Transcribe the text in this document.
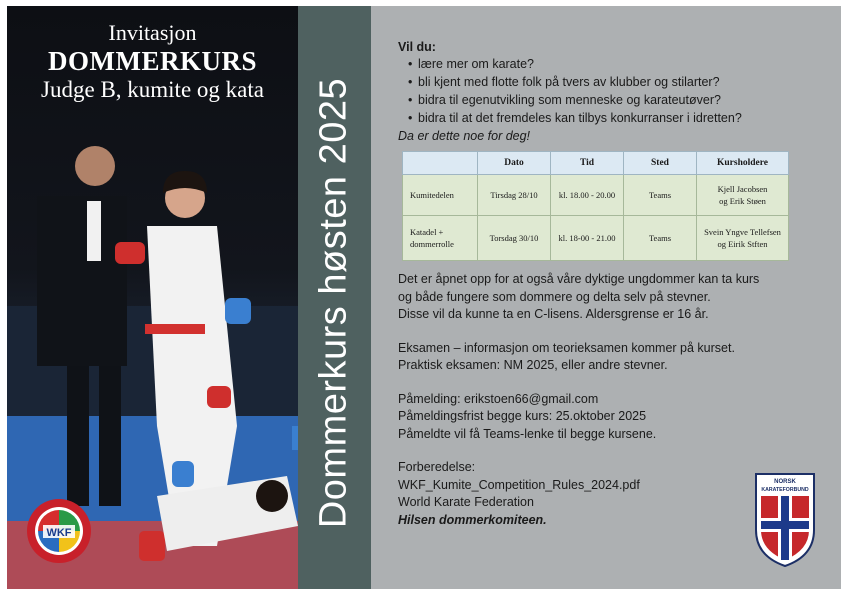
Invitasjon
DOMMERKURS
Judge B, kumite og kata
WKF
Dommerkurs høsten 2025
Vil du:
• lære mer om karate?
• bli kjent med flotte folk på tvers av klubber og stilarter?
• bidra til egenutvikling som menneske og karateutøver?
• bidra til at det fremdeles kan tilbys konkurranser i idretten?
Da er dette noe for deg!
	Dato	Tid	Sted	Kursholdere
Kumitedelen	Tirsdag 28/10	kl. 18.00 - 20.00	Teams	Kjell Jacobsen
og Erik Støen
Katadel +
dommerrolle	Torsdag 30/10	kl. 18-00 - 21.00	Teams	Svein Yngve Tellefsen
og Eirik Stften

Det er åpnet opp for at også våre dyktige ungdommer kan ta kurs

og både fungere som dommere og delta selv på stevner.

Disse vil da kunne ta en C-lisens. Aldersgrense er 16 år.

Eksamen – informasjon om teorieksamen kommer på kurset.

Praktisk eksamen: NM 2025, eller andre stevner.

Påmelding: erikstoen66@gmail.com

Påmeldingsfrist begge kurs: 25.oktober 2025

Påmeldte vil få Teams-lenke til begge kursene.

Forberedelse:

WKF_Kumite_Competition_Rules_2024.pdf

World Karate Federation

Hilsen dommerkomiteen.

NORSK
KARATEFORBUND
